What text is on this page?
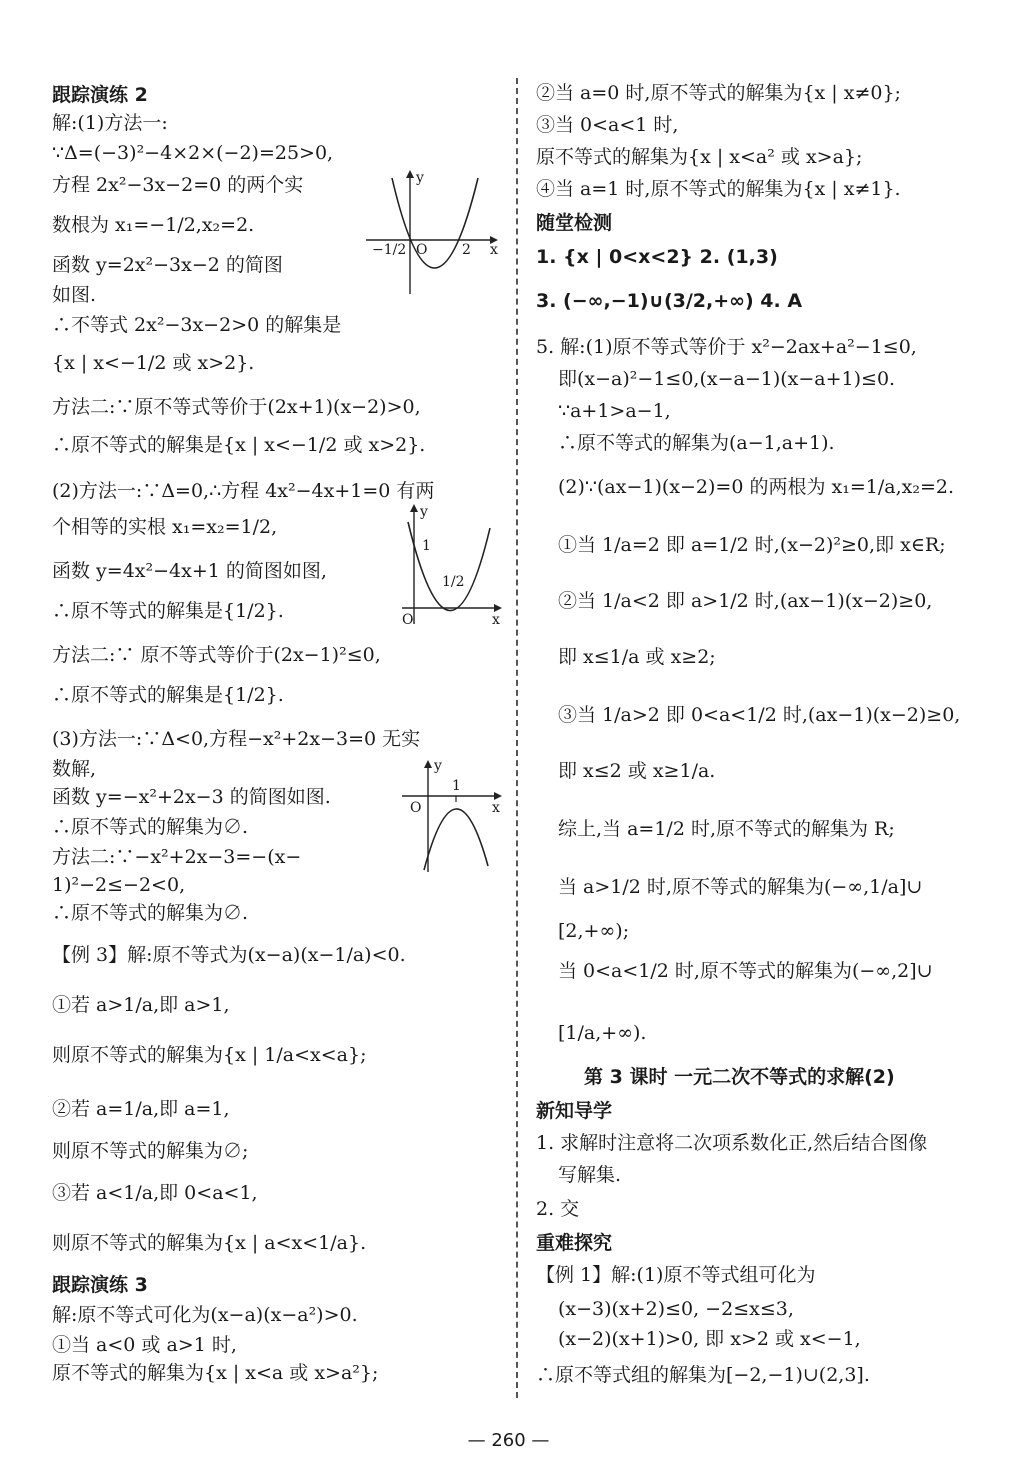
跟踪演练 2
解:(1)方法一:
∵Δ=(−3)²−4×2×(−2)=25>0,
方程 2x²−3x−2=0 的两个实
数根为 x₁=−1/2,x₂=2.
函数 y=2x²−3x−2 的简图
如图.
∴不等式 2x²−3x−2>0 的解集是
{x | x<−1/2 或 x>2}.
方法二:∵原不等式等价于(2x+1)(x−2)>0,
∴原不等式的解集是{x | x<−1/2 或 x>2}.
(2)方法一:∵Δ=0,∴方程 4x²−4x+1=0 有两
个相等的实根 x₁=x₂=1/2,
函数 y=4x²−4x+1 的简图如图,
∴原不等式的解集是{1/2}.
方法二:∵ 原不等式等价于(2x−1)²≤0,
∴原不等式的解集是{1/2}.
(3)方法一:∵Δ<0,方程−x²+2x−3=0 无实
数解,
函数 y=−x²+2x−3 的简图如图.
∴原不等式的解集为∅.
方法二:∵−x²+2x−3=−(x−
1)²−2≤−2<0,
∴原不等式的解集为∅.
【例 3】解:原不等式为(x−a)(x−1/a)<0.
①若 a>1/a,即 a>1,
则原不等式的解集为{x | 1/a<x<a};
②若 a=1/a,即 a=1,
则原不等式的解集为∅;
③若 a<1/a,即 0<a<1,
则原不等式的解集为{x | a<x<1/a}.
跟踪演练 3
解:原不等式可化为(x−a)(x−a²)>0.
①当 a<0 或 a>1 时,
原不等式的解集为{x | x<a 或 x>a²};
y
x
O
−1/2	2
y
x
O
1
1/2
y
x
O
1
②当 a=0 时,原不等式的解集为{x | x≠0};
③当 0<a<1 时,
原不等式的解集为{x | x<a² 或 x>a};
④当 a=1 时,原不等式的解集为{x | x≠1}.
随堂检测
1. {x | 0<x<2} 2. (1,3)
3. (−∞,−1)∪(3/2,+∞) 4. A
5. 解:(1)原不等式等价于 x²−2ax+a²−1≤0,
即(x−a)²−1≤0,(x−a−1)(x−a+1)≤0.
∵a+1>a−1,
∴原不等式的解集为(a−1,a+1).
(2)∵(ax−1)(x−2)=0 的两根为 x₁=1/a,x₂=2.
①当 1/a=2 即 a=1/2 时,(x−2)²≥0,即 x∈R;
②当 1/a<2 即 a>1/2 时,(ax−1)(x−2)≥0,
即 x≤1/a 或 x≥2;
③当 1/a>2 即 0<a<1/2 时,(ax−1)(x−2)≥0,
即 x≤2 或 x≥1/a.
综上,当 a=1/2 时,原不等式的解集为 R;
当 a>1/2 时,原不等式的解集为(−∞,1/a]∪
[2,+∞);
当 0<a<1/2 时,原不等式的解集为(−∞,2]∪
[1/a,+∞).
第 3 课时 一元二次不等式的求解(2)
新知导学
1. 求解时注意将二次项系数化正,然后结合图像
写解集.
2. 交
重难探究
【例 1】解:(1)原不等式组可化为
(x−3)(x+2)≤0, −2≤x≤3,
(x−2)(x+1)>0, 即 x>2 或 x<−1,
∴原不等式组的解集为[−2,−1)∪(2,3].
— 260 —
